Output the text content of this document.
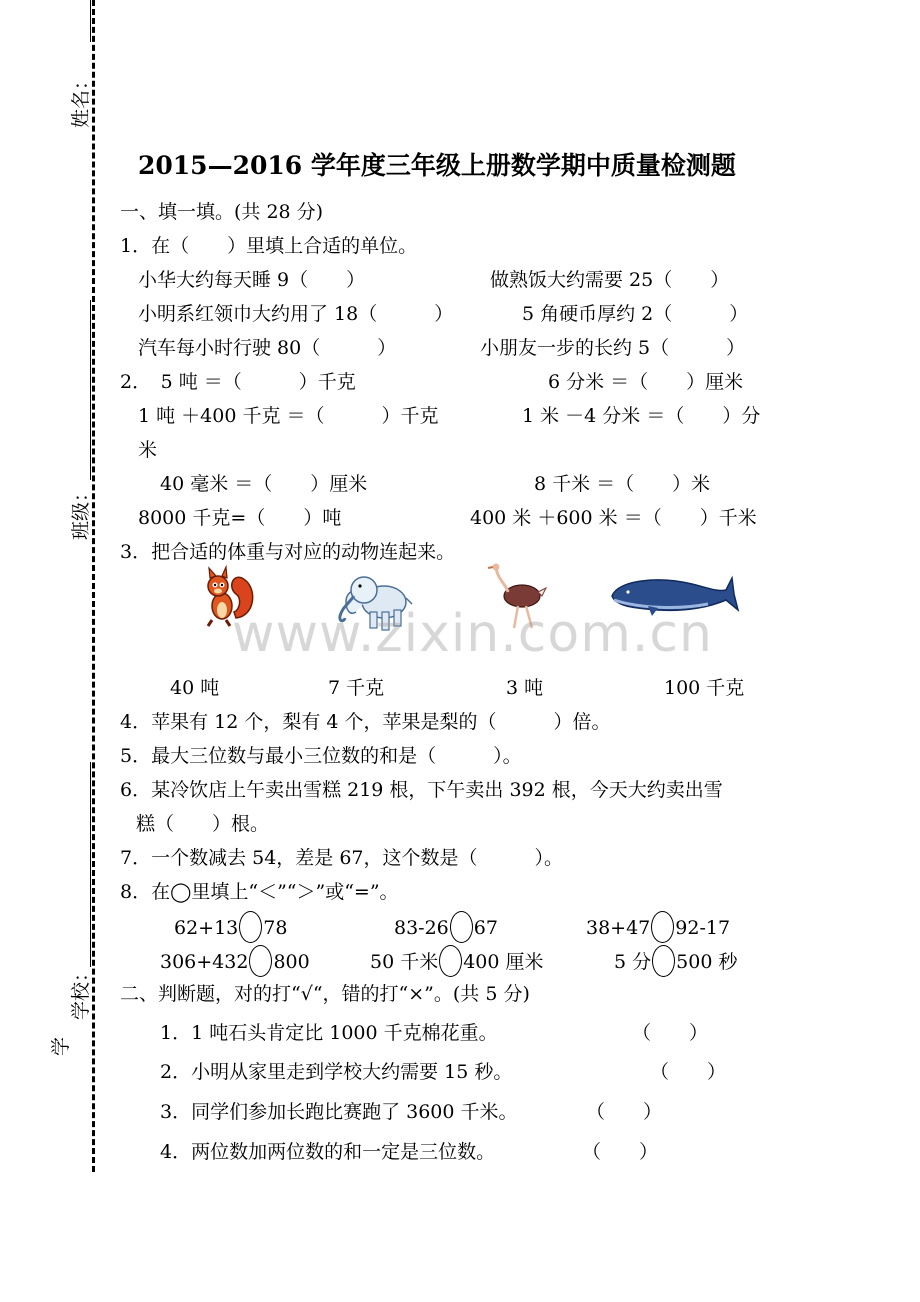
姓名：
班级：
学校：
学
2015—2016 学年度三年级上册数学期中质量检测题
一、填一填。(共 28 分)
1．在（　　）里填上合适的单位。
小华大约每天睡 9（　　）	做熟饭大约需要 25（　　）
小明系红领巾大约用了 18（　　　）	5 角硬币厚约 2（　　　）
汽车每小时行驶 80（　　　）	小朋友一步的长约 5（　　　）
2．　5 吨 ＝（　　　）千克	6 分米 ＝（　　）厘米
1 吨 ＋400 千克 ＝（　　　）千克	1 米 －4 分米 ＝（　　）分
米
40 毫米 ＝（　　）厘米	8 千米 ＝（　　）米
8000 千克=（　　）吨	400 米 ＋600 米 ＝（　　）千米
3．把合适的体重与对应的动物连起来。
www.zixin.com.cn
40 吨	7 千克	3 吨	100 千克
4．苹果有 12 个，梨有 4 个，苹果是梨的（　　　）倍。
5．最大三位数与最小三位数的和是（　　　）。
6．某冷饮店上午卖出雪糕 219 根，下午卖出 392 根，今天大约卖出雪
糕（　　）根。
7．一个数减去 54，差是 67，这个数是（　　　）。
8．在◯里填上“＜”“＞”或“=”。
62+13 78	83-26 67	38+47 92-17
306+432 800	50 千米 400 厘米	5 分 500 秒
二、判断题，对的打“√“，错的打“×”。(共 5 分)
1．1 吨石头肯定比 1000 千克棉花重。	（　　）
2．小明从家里走到学校大约需要 15 秒。	（　　）
3．同学们参加长跑比赛跑了 3600 千米。	（　　）
4．两位数加两位数的和一定是三位数。	（　　）
